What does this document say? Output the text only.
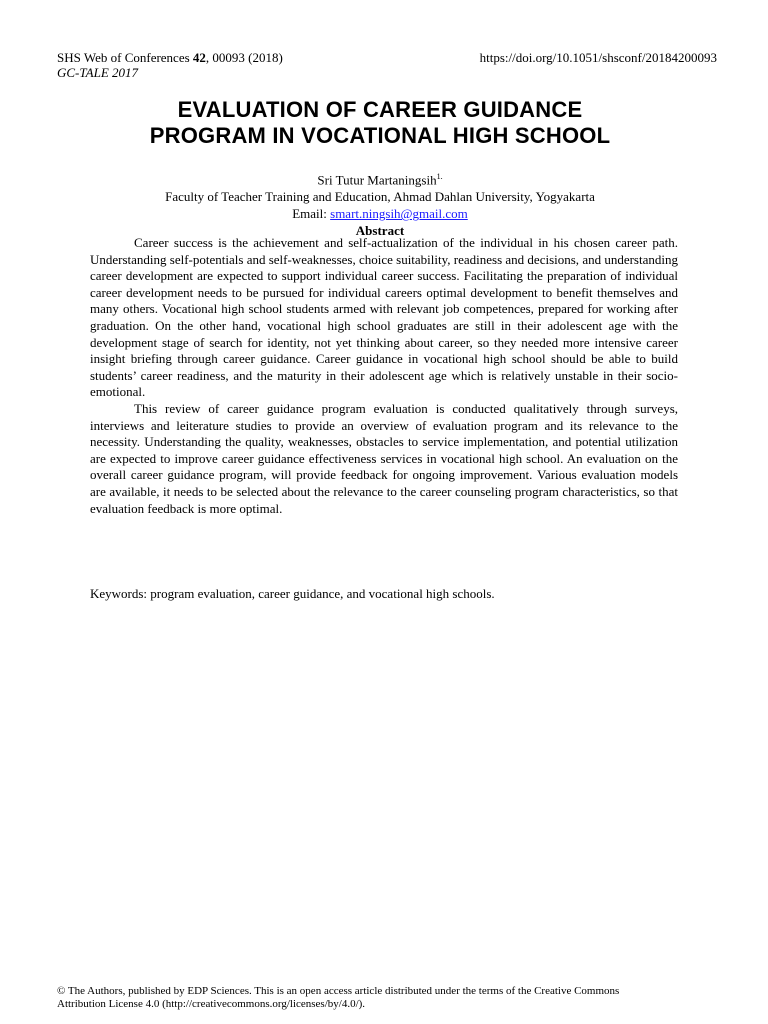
SHS Web of Conferences 42, 00093 (2018)	https://doi.org/10.1051/shsconf/20184200093
GC-TALE 2017
EVALUATION OF CAREER GUIDANCE
PROGRAM IN VOCATIONAL HIGH SCHOOL
Sri Tutur Martaningsih$^{1.}$
Faculty of Teacher Training and Education, Ahmad Dahlan University, Yogyakarta
Email: smart.ningsih@gmail.com
Abstract

Career success is the achievement and self-actualization of the individual in his chosen career path. Understanding self-potentials and self-weaknesses, choice suitability, readiness and decisions, and understanding career development are expected to support individual career success. Facilitating the preparation of individual career development needs to be pursued for individual careers optimal development to benefit themselves and many others. Vocational high school students armed with relevant job competences, prepared for working after graduation. On the other hand, vocational high school graduates are still in their adolescent age with the development stage of search for identity, not yet thinking about career, so they needed more intensive career insight briefing through career guidance. Career guidance in vocational high school should be able to build students’ career readiness, and the maturity in their adolescent age which is relatively unstable in their socio-emotional.

This review of career guidance program evaluation is conducted qualitatively through surveys, interviews and leiterature studies to provide an overview of evaluation program and its relevance to the necessity. Understanding the quality, weaknesses, obstacles to service implementation, and potential utilization are expected to improve career guidance effectiveness services in vocational high school. An evaluation on the overall career guidance program, will provide feedback for ongoing improvement. Various evaluation models are available, it needs to be selected about the relevance to the career counseling program characteristics, so that evaluation feedback is more optimal.

Keywords: program evaluation, career guidance, and vocational high schools.
© The Authors, published by EDP Sciences. This is an open access article distributed under the terms of the Creative Commons
Attribution License 4.0 (http://creativecommons.org/licenses/by/4.0/).
